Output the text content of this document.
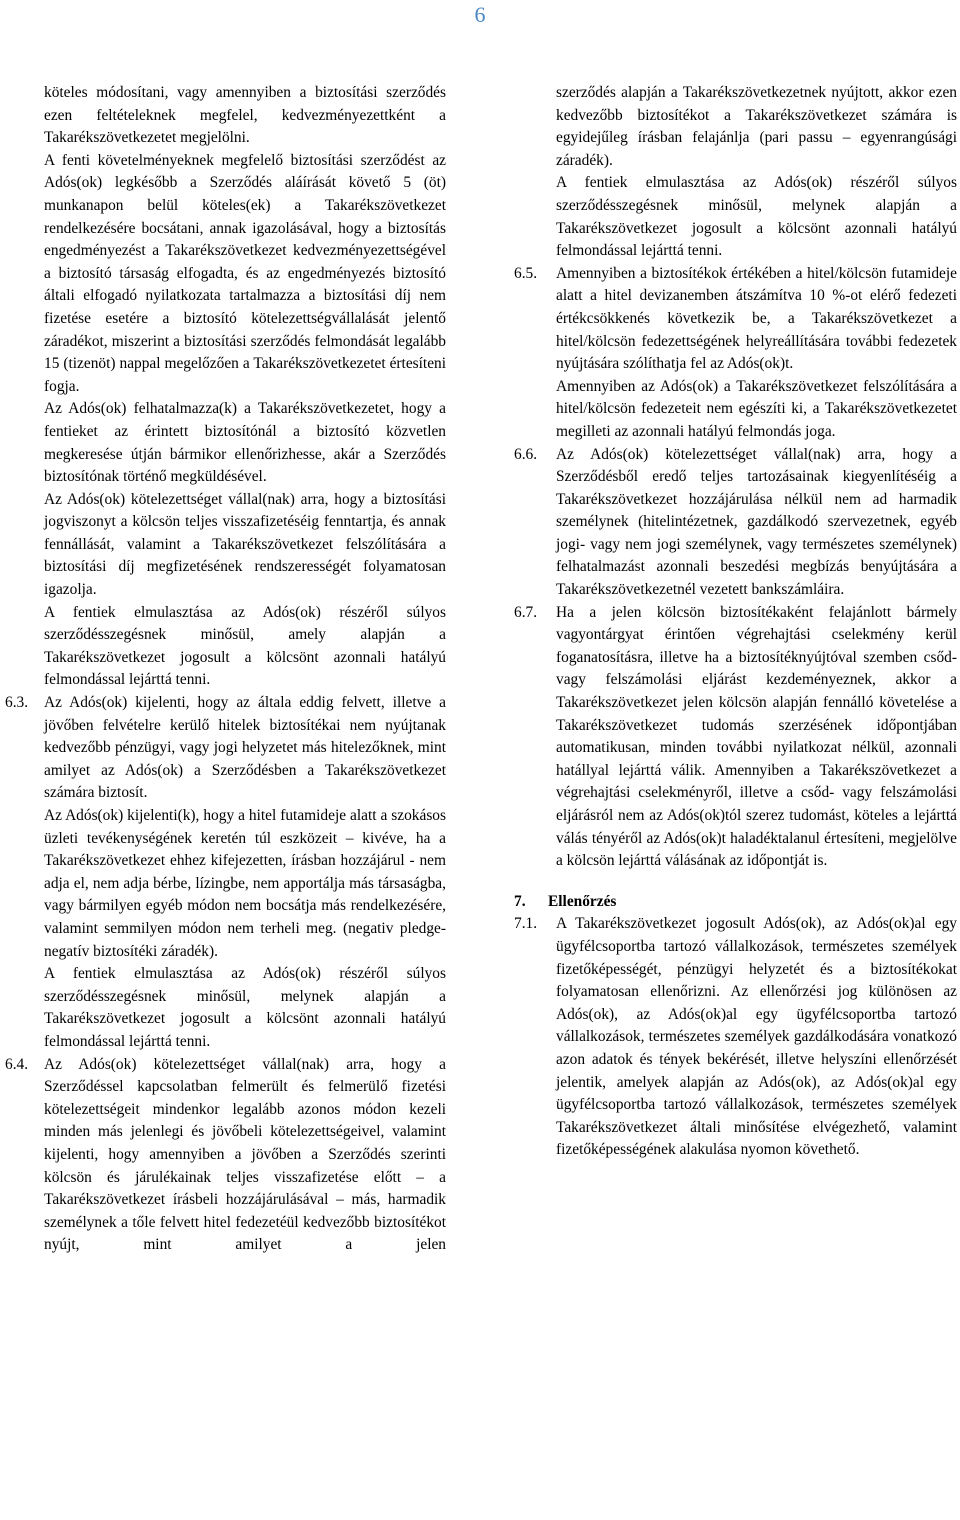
6

köteles módosítani, vagy amennyiben a biztosítási szerződés ezen feltételeknek megfelel, kedvezményezettként a Takarékszövetkezetet megjelölni.

A fenti követelményeknek megfelelő biztosítási szerződést az Adós(ok) legkésőbb a Szerződés aláírását követő 5 (öt) munkanapon belül köteles(ek) a Takarékszövetkezet rendelkezésére bocsátani, annak igazolásával, hogy a biztosítás engedményezést a Takarékszövetkezet kedvezményezettségével a biztosító társaság elfogadta, és az engedményezés biztosító általi elfogadó nyilatkozata tartalmazza a biztosítási díj nem fizetése esetére a biztosító kötelezettségvállalását jelentő záradékot, miszerint a biztosítási szerződés felmondását legalább 15 (tizenöt) nappal megelőzően a Takarékszövetkezetet értesíteni fogja.

Az Adós(ok) felhatalmazza(k) a Takarékszövetkezetet, hogy a fentieket az érintett biztosítónál a biztosító közvetlen megkeresése útján bármikor ellenőrizhesse, akár a Szerződés biztosítónak történő megküldésével.

Az Adós(ok) kötelezettséget vállal(nak) arra, hogy a biztosítási jogviszonyt a kölcsön teljes visszafizetéséig fenntartja, és annak fennállását, valamint a Takarékszövetkezet felszólítására a biztosítási díj megfizetésének rendszerességét folyamatosan igazolja.

A fentiek elmulasztása az Adós(ok) részéről súlyos szerződésszegésnek minősül, amely alapján a Takarékszövetkezet jogosult a kölcsönt azonnali hatályú felmondással lejárttá tenni.

6.3. Az Adós(ok) kijelenti, hogy az általa eddig felvett, illetve a jövőben felvételre kerülő hitelek biztosítékai nem nyújtanak kedvezőbb pénzügyi, vagy jogi helyzetet más hitelezőknek, mint amilyet az Adós(ok) a Szerződésben a Takarékszövetkezet számára biztosít.

Az Adós(ok) kijelenti(k), hogy a hitel futamideje alatt a szokásos üzleti tevékenységének keretén túl eszközeit – kivéve, ha a Takarékszövetkezet ehhez kifejezetten, írásban hozzájárul - nem adja el, nem adja bérbe, lízingbe, nem apportálja más társaságba, vagy bármilyen egyéb módon nem bocsátja más rendelkezésére, valamint semmilyen módon nem terheli meg. (negativ pledge- negatív biztosítéki záradék).

A fentiek elmulasztása az Adós(ok) részéről súlyos szerződésszegésnek minősül, melynek alapján a Takarékszövetkezet jogosult a kölcsönt azonnali hatályú felmondással lejárttá tenni.

6.4. Az Adós(ok) kötelezettséget vállal(nak) arra, hogy a Szerződéssel kapcsolatban felmerült és felmerülő fizetési kötelezettségeit mindenkor legalább azonos módon kezeli minden más jelenlegi és jövőbeli kötelezettségeivel, valamint kijelenti, hogy amennyiben a jövőben a Szerződés szerinti kölcsön és járulékainak teljes visszafizetése előtt – a Takarékszövetkezet írásbeli hozzájárulásával – más, harmadik személynek a tőle felvett hitel fedezetéül kedvezőbb biztosítékot nyújt, mint amilyet a jelen

szerződés alapján a Takarékszövetkezetnek nyújtott, akkor ezen kedvezőbb biztosítékot a Takarékszövetkezet számára is egyidejűleg írásban felajánlja (pari passu – egyenrangúsági záradék).

A fentiek elmulasztása az Adós(ok) részéről súlyos szerződésszegésnek minősül, melynek alapján a Takarékszövetkezet jogosult a kölcsönt azonnali hatályú felmondással lejárttá tenni.

6.5. Amennyiben a biztosítékok értékében a hitel/kölcsön futamideje alatt a hitel devizanemben átszámítva 10 %-ot elérő fedezeti értékcsökkenés következik be, a Takarékszövetkezet a hitel/kölcsön fedezettségének helyreállítására további fedezetek nyújtására szólíthatja fel az Adós(ok)t.

Amennyiben az Adós(ok) a Takarékszövetkezet felszólítására a hitel/kölcsön fedezeteit nem egészíti ki, a Takarékszövetkezetet megilleti az azonnali hatályú felmondás joga.

6.6. Az Adós(ok) kötelezettséget vállal(nak) arra, hogy a Szerződésből eredő teljes tartozásainak kiegyenlítéséig a Takarékszövetkezet hozzájárulása nélkül nem ad harmadik személynek (hitelintézetnek, gazdálkodó szervezetnek, egyéb jogi- vagy nem jogi személynek, vagy természetes személynek) felhatalmazást azonnali beszedési megbízás benyújtására a Takarékszövetkezetnél vezetett bankszámláira.

6.7. Ha a jelen kölcsön biztosítékaként felajánlott bármely vagyontárgyat érintően végrehajtási cselekmény kerül foganatosításra, illetve ha a biztosítéknyújtóval szemben csőd- vagy felszámolási eljárást kezdeményeznek, akkor a Takarékszövetkezet jelen kölcsön alapján fennálló követelése a Takarékszövetkezet tudomás szerzésének időpontjában automatikusan, minden további nyilatkozat nélkül, azonnali hatállyal lejárttá válik. Amennyiben a Takarékszövetkezet a végrehajtási cselekményről, illetve a csőd- vagy felszámolási eljárásról nem az Adós(ok)tól szerez tudomást, köteles a lejárttá válás tényéről az Adós(ok)t haladéktalanul értesíteni, megjelölve a kölcsön lejárttá válásának az időpontját is.

7. Ellenőrzés
7.1. A Takarékszövetkezet jogosult Adós(ok), az Adós(ok)al egy ügyfélcsoportba tartozó vállalkozások, természetes személyek fizetőképességét, pénzügyi helyzetét és a biztosítékokat folyamatosan ellenőrizni. Az ellenőrzési jog különösen az Adós(ok), az Adós(ok)al egy ügyfélcsoportba tartozó vállalkozások, természetes személyek gazdálkodására vonatkozó azon adatok és tények bekérését, illetve helyszíni ellenőrzését jelentik, amelyek alapján az Adós(ok), az Adós(ok)al egy ügyfélcsoportba tartozó vállalkozások, természetes személyek Takarékszövetkezet általi minősítése elvégezhető, valamint fizetőképességének alakulása nyomon követhető.
